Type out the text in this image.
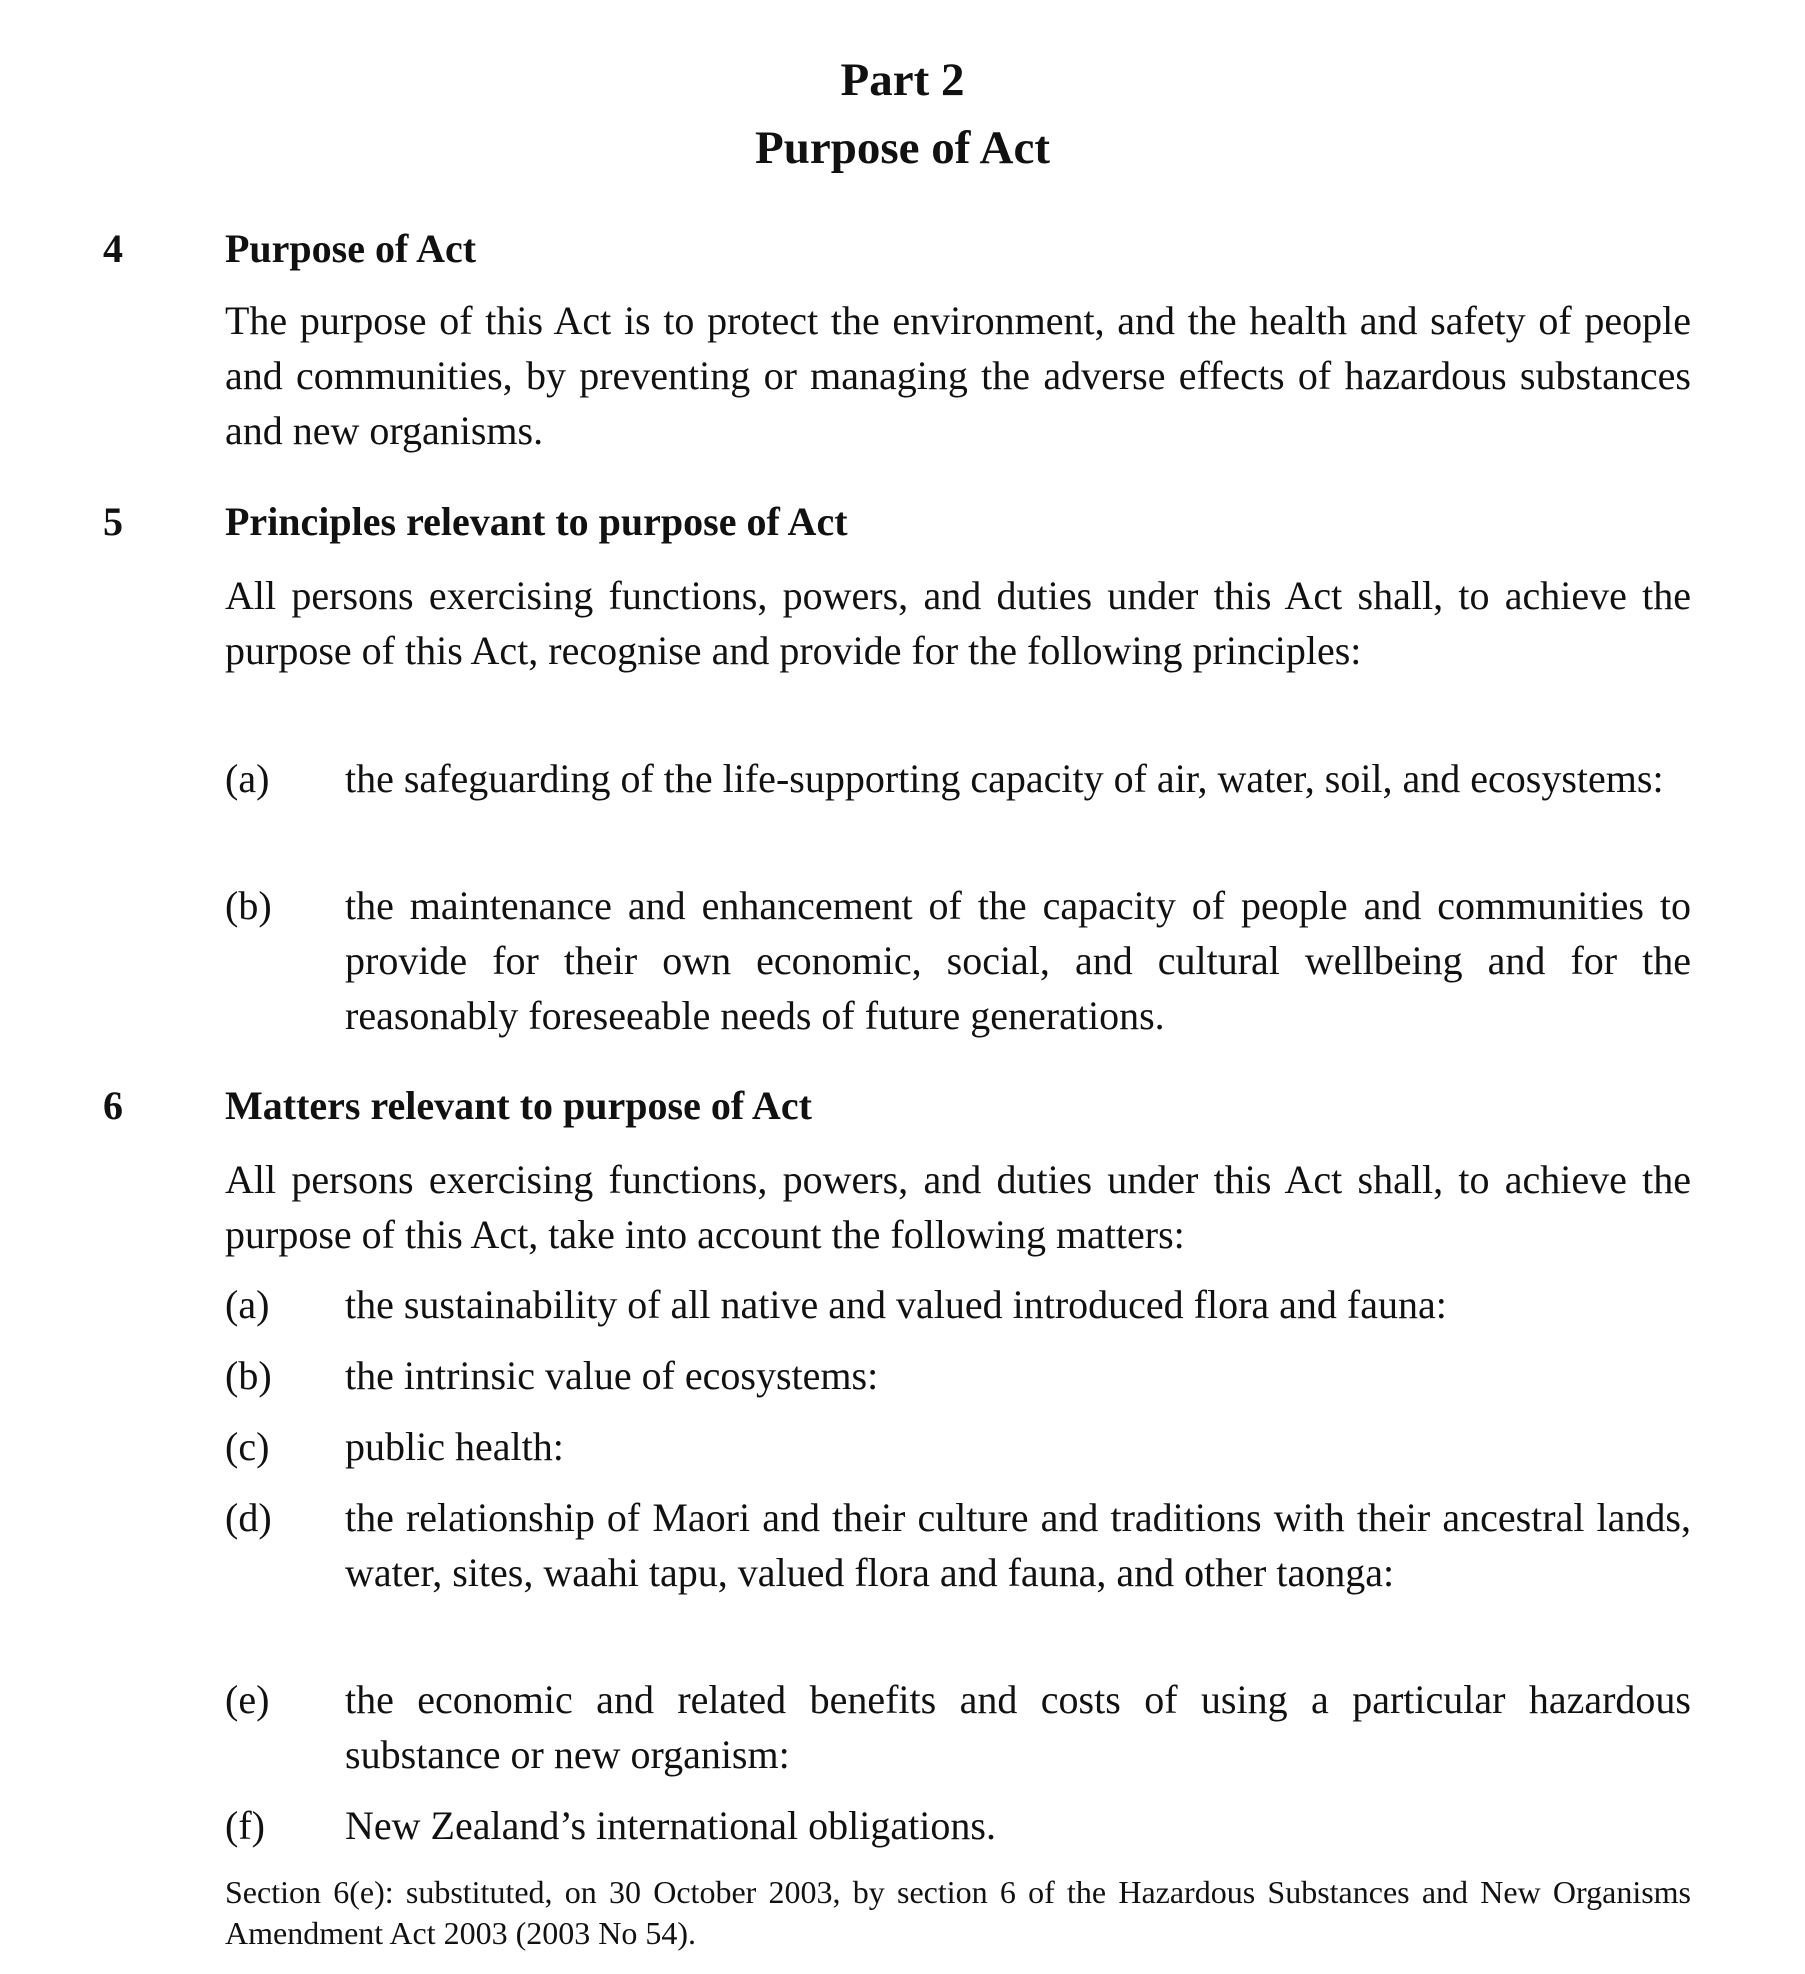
Part 2
Purpose of Act
4	Purpose of Act
The purpose of this Act is to protect the environment, and the health and safety of people and communities, by preventing or managing the adverse effects of hazardous substances and new organisms.
5	Principles relevant to purpose of Act
All persons exercising functions, powers, and duties under this Act shall, to achieve the purpose of this Act, recognise and provide for the following principles:
(a) the safeguarding of the life-supporting capacity of air, water, soil, and ecosystems:
(b) the maintenance and enhancement of the capacity of people and communities to provide for their own economic, social, and cultural wellbeing and for the reasonably foreseeable needs of future generations.
6	Matters relevant to purpose of Act
All persons exercising functions, powers, and duties under this Act shall, to achieve the purpose of this Act, take into account the following matters:
(a) the sustainability of all native and valued introduced flora and fauna:
(b) the intrinsic value of ecosystems:
(c) public health:
(d) the relationship of Maori and their culture and traditions with their ancestral lands, water, sites, waahi tapu, valued flora and fauna, and other taonga:
(e) the economic and related benefits and costs of using a particular hazardous substance or new organism:
(f) New Zealand’s international obligations.
Section 6(e): substituted, on 30 October 2003, by section 6 of the Hazardous Substances and New Organisms Amendment Act 2003 (2003 No 54).
